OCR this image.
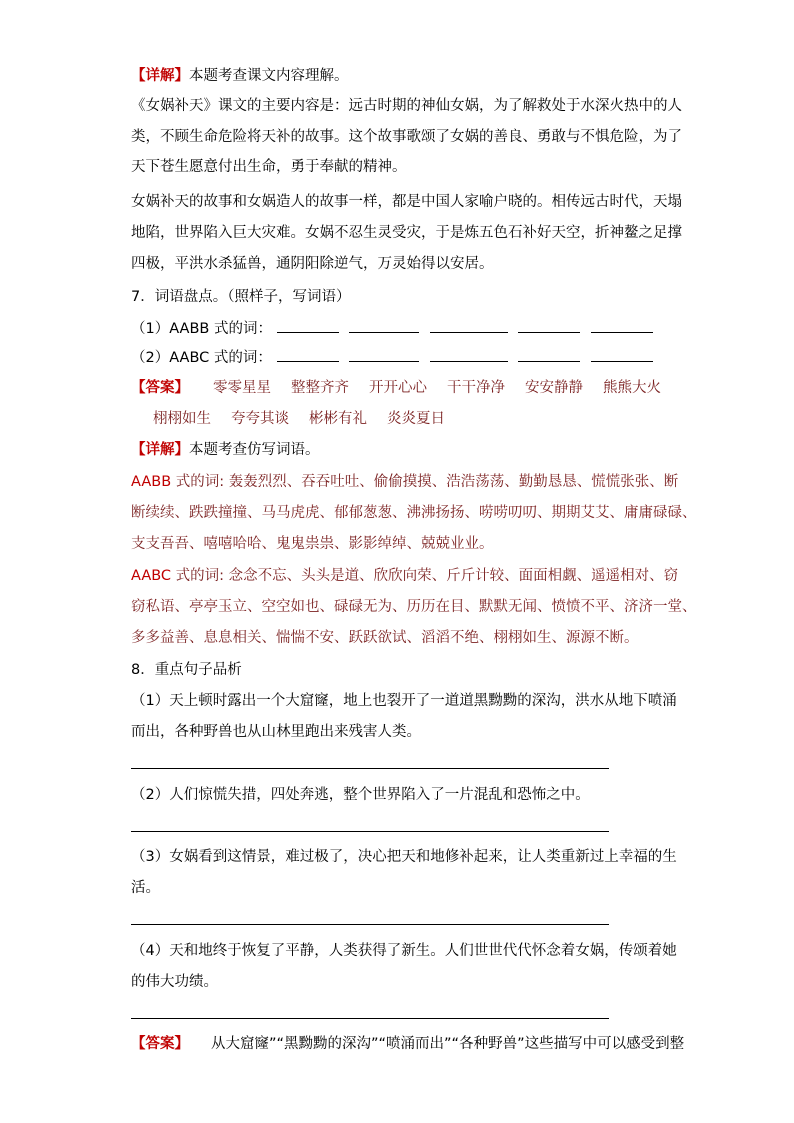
【详解】本题考查课文内容理解。
《女娲补天》课文的主要内容是：远古时期的神仙女娲，为了解救处于水深火热中的人
类，不顾生命危险将天补的故事。这个故事歌颂了女娲的善良、勇敢与不惧危险，为了
天下苍生愿意付出生命，勇于奉献的精神。
女娲补天的故事和女娲造人的故事一样，都是中国人家喻户晓的。相传远古时代，天塌
地陷，世界陷入巨大灾难。女娲不忍生灵受灾，于是炼五色石补好天空，折神鳌之足撑
四极，平洪水杀猛兽，通阴阳除逆气，万灵始得以安居。
7．词语盘点。（照样子，写词语）
（1）AABB 式的词：
（2）AABC 式的词：
【答案】 零零星星 整整齐齐 开开心心 干干净净 安安静静 熊熊大火
栩栩如生 夸夸其谈 彬彬有礼 炎炎夏日
【详解】本题考查仿写词语。
AABB 式的词: 轰轰烈烈、吞吞吐吐、偷偷摸摸、浩浩荡荡、勤勤恳恳、慌慌张张、断
断续续、跌跌撞撞、马马虎虎、郁郁葱葱、沸沸扬扬、唠唠叨叨、期期艾艾、庸庸碌碌、
支支吾吾、嘻嘻哈哈、鬼鬼祟祟、影影绰绰、兢兢业业。
AABC 式的词: 念念不忘、头头是道、欣欣向荣、斤斤计较、面面相觑、遥遥相对、窃
窃私语、亭亭玉立、空空如也、碌碌无为、历历在目、默默无闻、愤愤不平、济济一堂、
多多益善、息息相关、惴惴不安、跃跃欲试、滔滔不绝、栩栩如生、源源不断。
8．重点句子品析
（1）天上顿时露出一个大窟窿，地上也裂开了一道道黑黝黝的深沟，洪水从地下喷涌
而出，各种野兽也从山林里跑出来残害人类。
（2）人们惊慌失措，四处奔逃，整个世界陷入了一片混乱和恐怖之中。
（3）女娲看到这情景，难过极了，决心把天和地修补起来，让人类重新过上幸福的生
活。
（4）天和地终于恢复了平静，人类获得了新生。人们世世代代怀念着女娲，传颂着她
的伟大功绩。
【答案】 从大窟窿”“黑黝黝的深沟”“喷涌而出”“各种野兽”这些描写中可以感受到整
